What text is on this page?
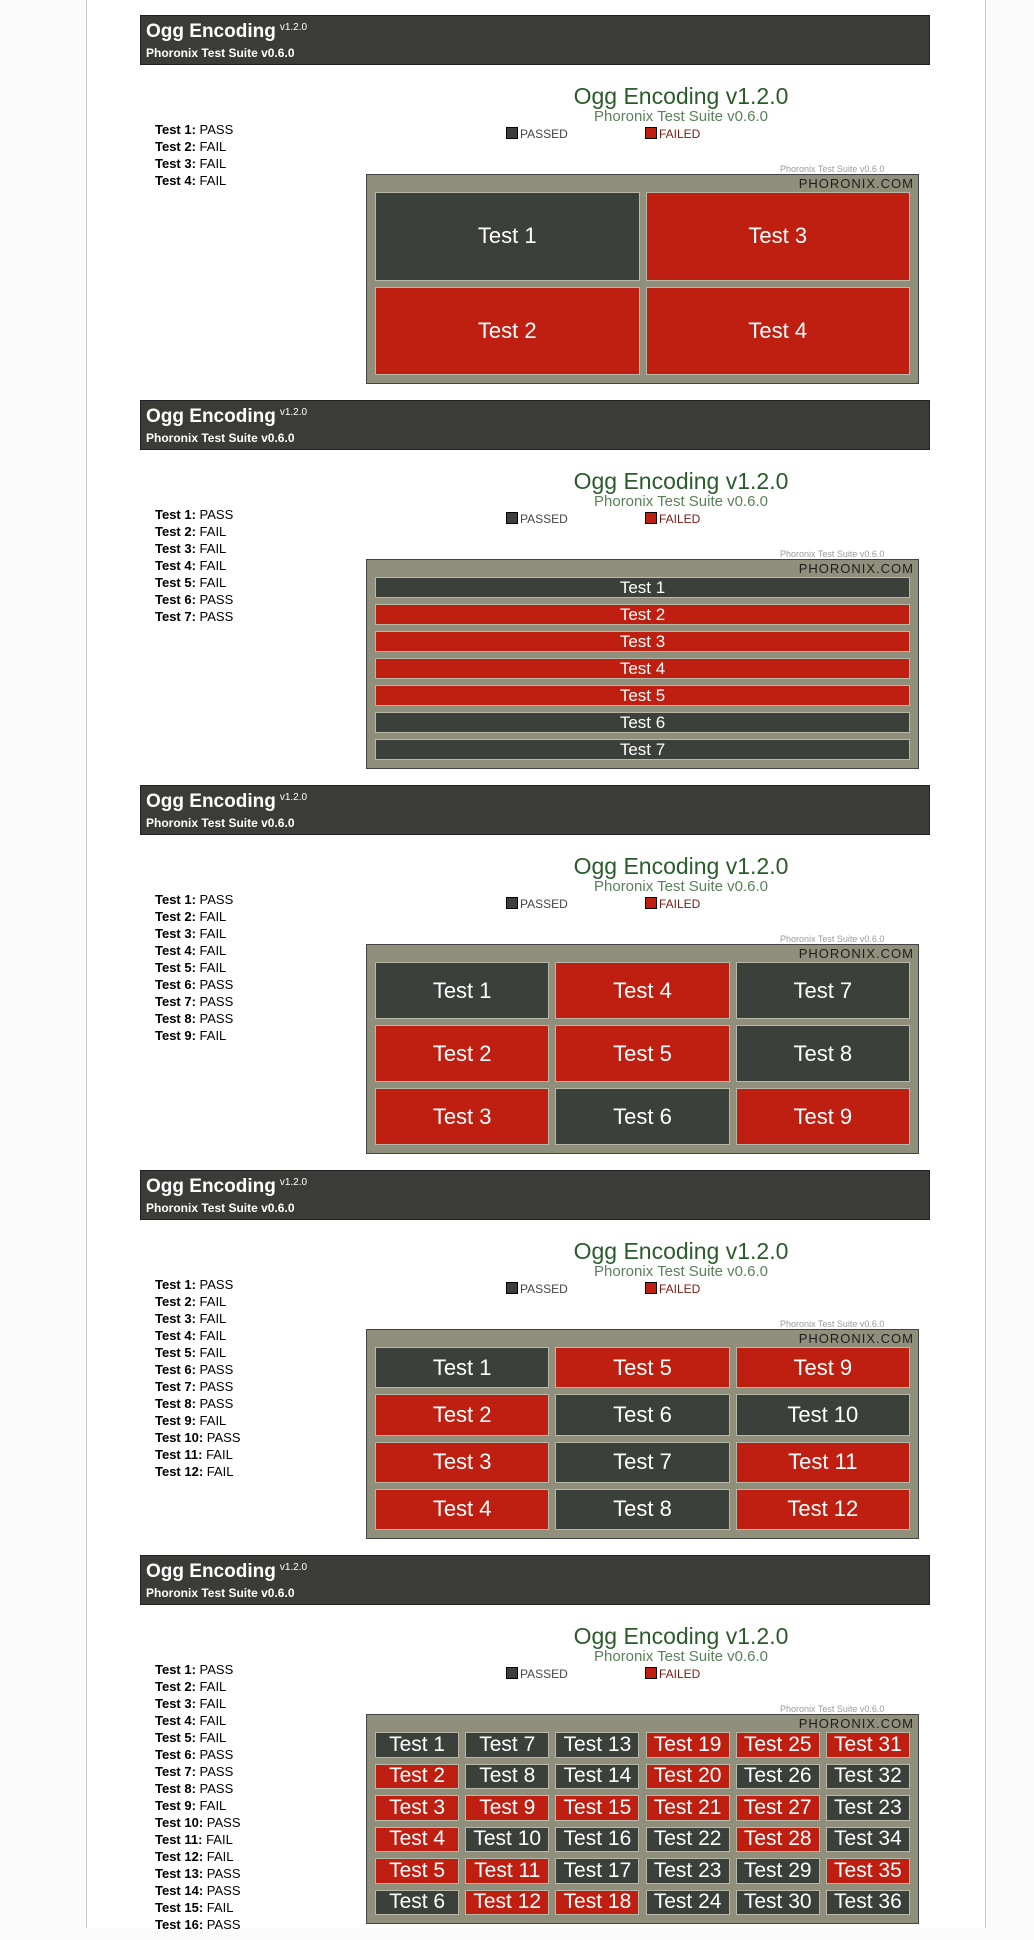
Ogg Encoding $^{v1.2.0}$
Phoronix Test Suite v0.6.0
Test 1: PASS
Test 2: FAIL
Test 3: FAIL
Test 4: FAIL
Ogg Encoding v1.2.0
Phoronix Test Suite v0.6.0
PASSED	FAILED
Phoronix Test Suite v0.6.0
PHORONIX.COM
Test 1
Test 2
Test 3
Test 4
Ogg Encoding $^{v1.2.0}$
Phoronix Test Suite v0.6.0
Test 1: PASS
Test 2: FAIL
Test 3: FAIL
Test 4: FAIL
Test 5: FAIL
Test 6: PASS
Test 7: PASS
Ogg Encoding v1.2.0
Phoronix Test Suite v0.6.0
PASSED	FAILED
Phoronix Test Suite v0.6.0
PHORONIX.COM
Test 1
Test 2
Test 3
Test 4
Test 5
Test 6
Test 7
Ogg Encoding $^{v1.2.0}$
Phoronix Test Suite v0.6.0
Test 1: PASS
Test 2: FAIL
Test 3: FAIL
Test 4: FAIL
Test 5: FAIL
Test 6: PASS
Test 7: PASS
Test 8: PASS
Test 9: FAIL
Ogg Encoding v1.2.0
Phoronix Test Suite v0.6.0
PASSED	FAILED
Phoronix Test Suite v0.6.0
PHORONIX.COM
Test 1
Test 2
Test 3
Test 4
Test 5
Test 6
Test 7
Test 8
Test 9
Ogg Encoding $^{v1.2.0}$
Phoronix Test Suite v0.6.0
Test 1: PASS
Test 2: FAIL
Test 3: FAIL
Test 4: FAIL
Test 5: FAIL
Test 6: PASS
Test 7: PASS
Test 8: PASS
Test 9: FAIL
Test 10: PASS
Test 11: FAIL
Test 12: FAIL
Ogg Encoding v1.2.0
Phoronix Test Suite v0.6.0
PASSED	FAILED
Phoronix Test Suite v0.6.0
PHORONIX.COM
Test 1
Test 2
Test 3
Test 4
Test 5
Test 6
Test 7
Test 8
Test 9
Test 10
Test 11
Test 12
Ogg Encoding $^{v1.2.0}$
Phoronix Test Suite v0.6.0
Test 1: PASS
Test 2: FAIL
Test 3: FAIL
Test 4: FAIL
Test 5: FAIL
Test 6: PASS
Test 7: PASS
Test 8: PASS
Test 9: FAIL
Test 10: PASS
Test 11: FAIL
Test 12: FAIL
Test 13: PASS
Test 14: PASS
Test 15: FAIL
Test 16: PASS
Ogg Encoding v1.2.0
Phoronix Test Suite v0.6.0
PASSED	FAILED
Phoronix Test Suite v0.6.0
PHORONIX.COM
Test 1
Test 2
Test 3
Test 4
Test 5
Test 6
Test 7
Test 8
Test 9
Test 10
Test 11
Test 12
Test 13
Test 14
Test 15
Test 16
Test 17
Test 18
Test 19
Test 20
Test 21
Test 22
Test 23
Test 24
Test 25
Test 26
Test 27
Test 28
Test 29
Test 30
Test 31
Test 32
Test 23
Test 34
Test 35
Test 36
